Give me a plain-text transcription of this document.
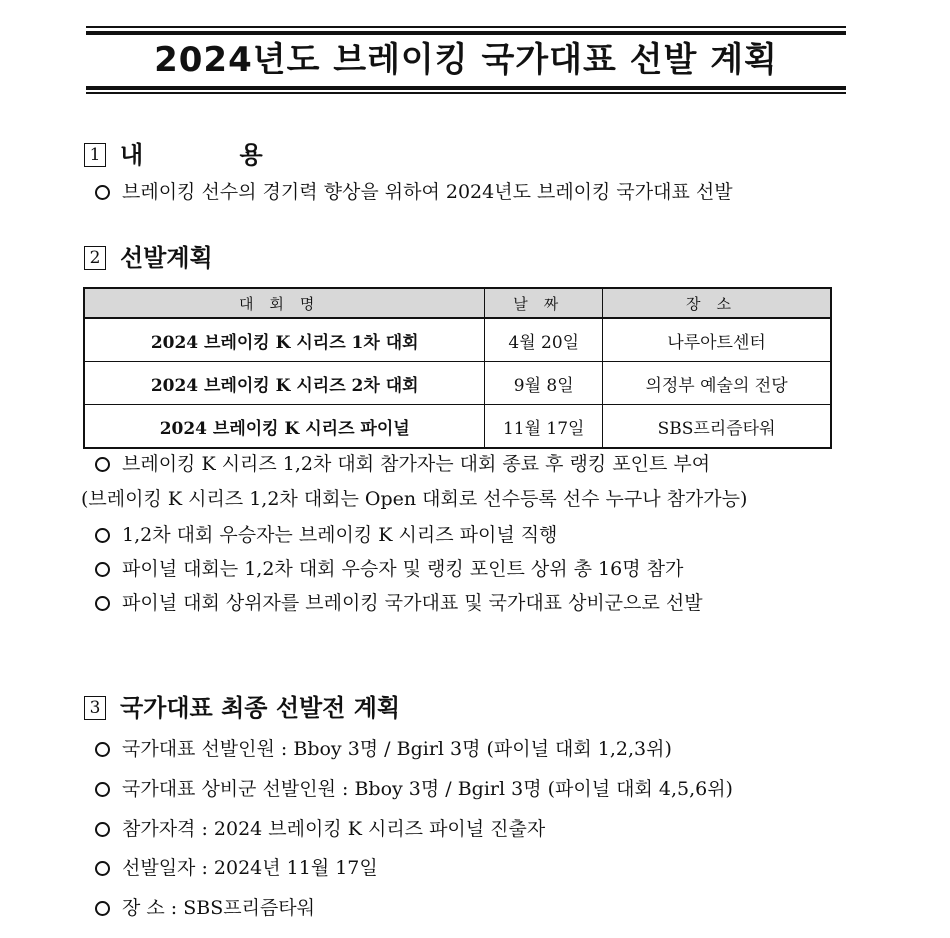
2024년도 브레이킹 국가대표 선발 계획
1 내 용
브레이킹 선수의 경기력 향상을 위하여 2024년도 브레이킹 국가대표 선발
2 선발계획
대회명	날짜	장소
2024 브레이킹 K 시리즈 1차 대회	4월 20일	나루아트센터
2024 브레이킹 K 시리즈 2차 대회	9월 8일	의정부 예술의 전당
2024 브레이킹 K 시리즈 파이널	11월 17일	SBS프리즘타워
브레이킹 K 시리즈 1,2차 대회 참가자는 대회 종료 후 랭킹 포인트 부여
(브레이킹 K 시리즈 1,2차 대회는 Open 대회로 선수등록 선수 누구나 참가가능)
1,2차 대회 우승자는 브레이킹 K 시리즈 파이널 직행
파이널 대회는 1,2차 대회 우승자 및 랭킹 포인트 상위 총 16명 참가
파이널 대회 상위자를 브레이킹 국가대표 및 국가대표 상비군으로 선발
3 국가대표 최종 선발전 계획
국가대표 선발인원 : Bboy 3명 / Bgirl 3명 (파이널 대회 1,2,3위)
국가대표 상비군 선발인원 : Bboy 3명 / Bgirl 3명 (파이널 대회 4,5,6위)
참가자격 : 2024 브레이킹 K 시리즈 파이널 진출자
선발일자 : 2024년 11월 17일
장 소 : SBS프리즘타워
